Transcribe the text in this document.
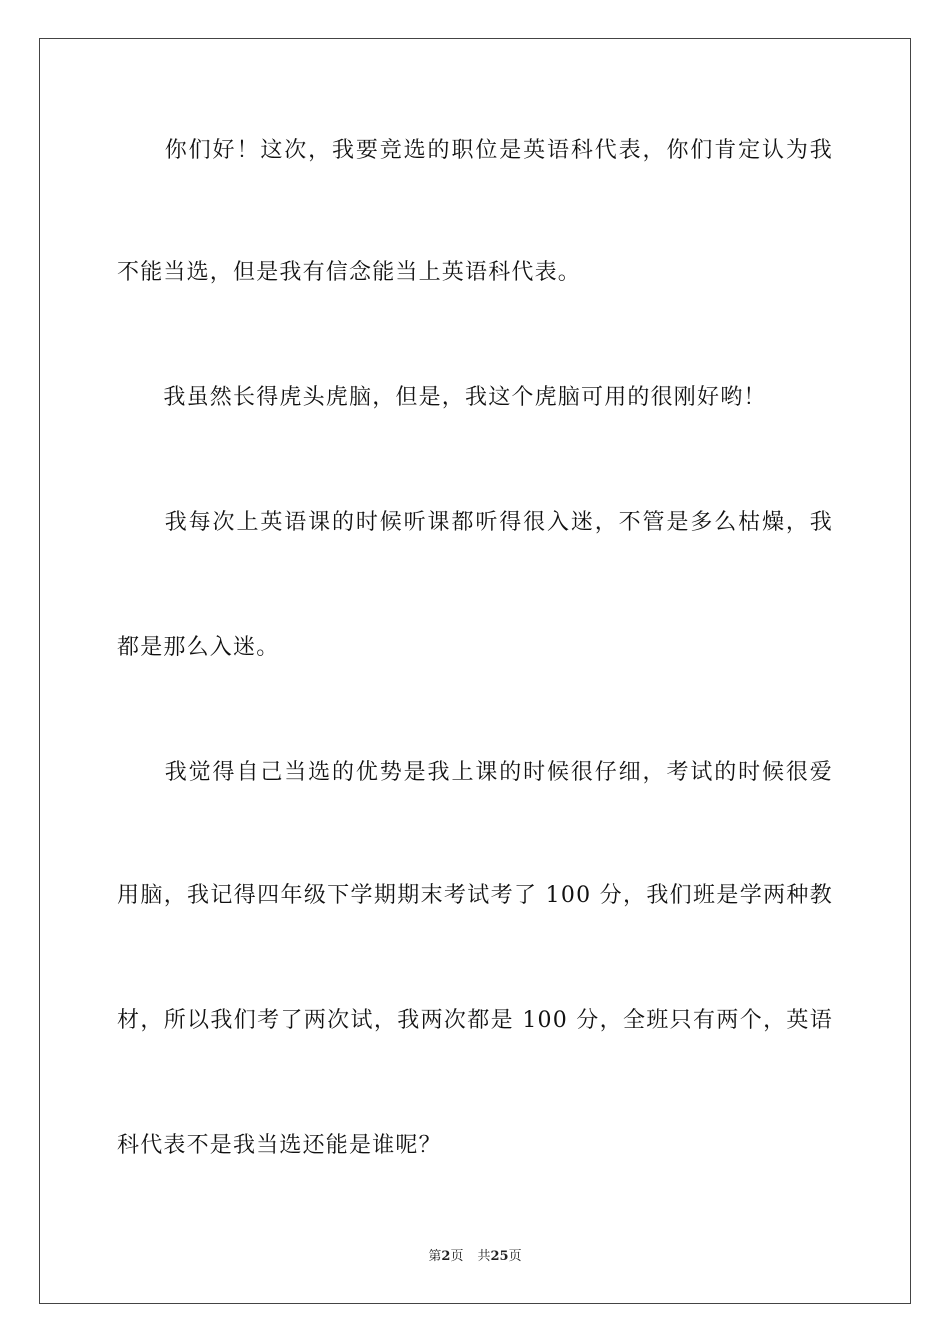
　　你们好！这次，我要竞选的职位是英语科代表，你们肯定认为我
不能当选，但是我有信念能当上英语科代表。
　　我虽然长得虎头虎脑，但是，我这个虎脑可用的很刚好哟！
　　我每次上英语课的时候听课都听得很入迷，不管是多么枯燥，我
都是那么入迷。
　　我觉得自己当选的优势是我上课的时候很仔细，考试的时候很爱
用脑，我记得四年级下学期期末考试考了 100 分，我们班是学两种教
材，所以我们考了两次试，我两次都是 100 分，全班只有两个，英语
科代表不是我当选还能是谁呢？
第2页 共25页
